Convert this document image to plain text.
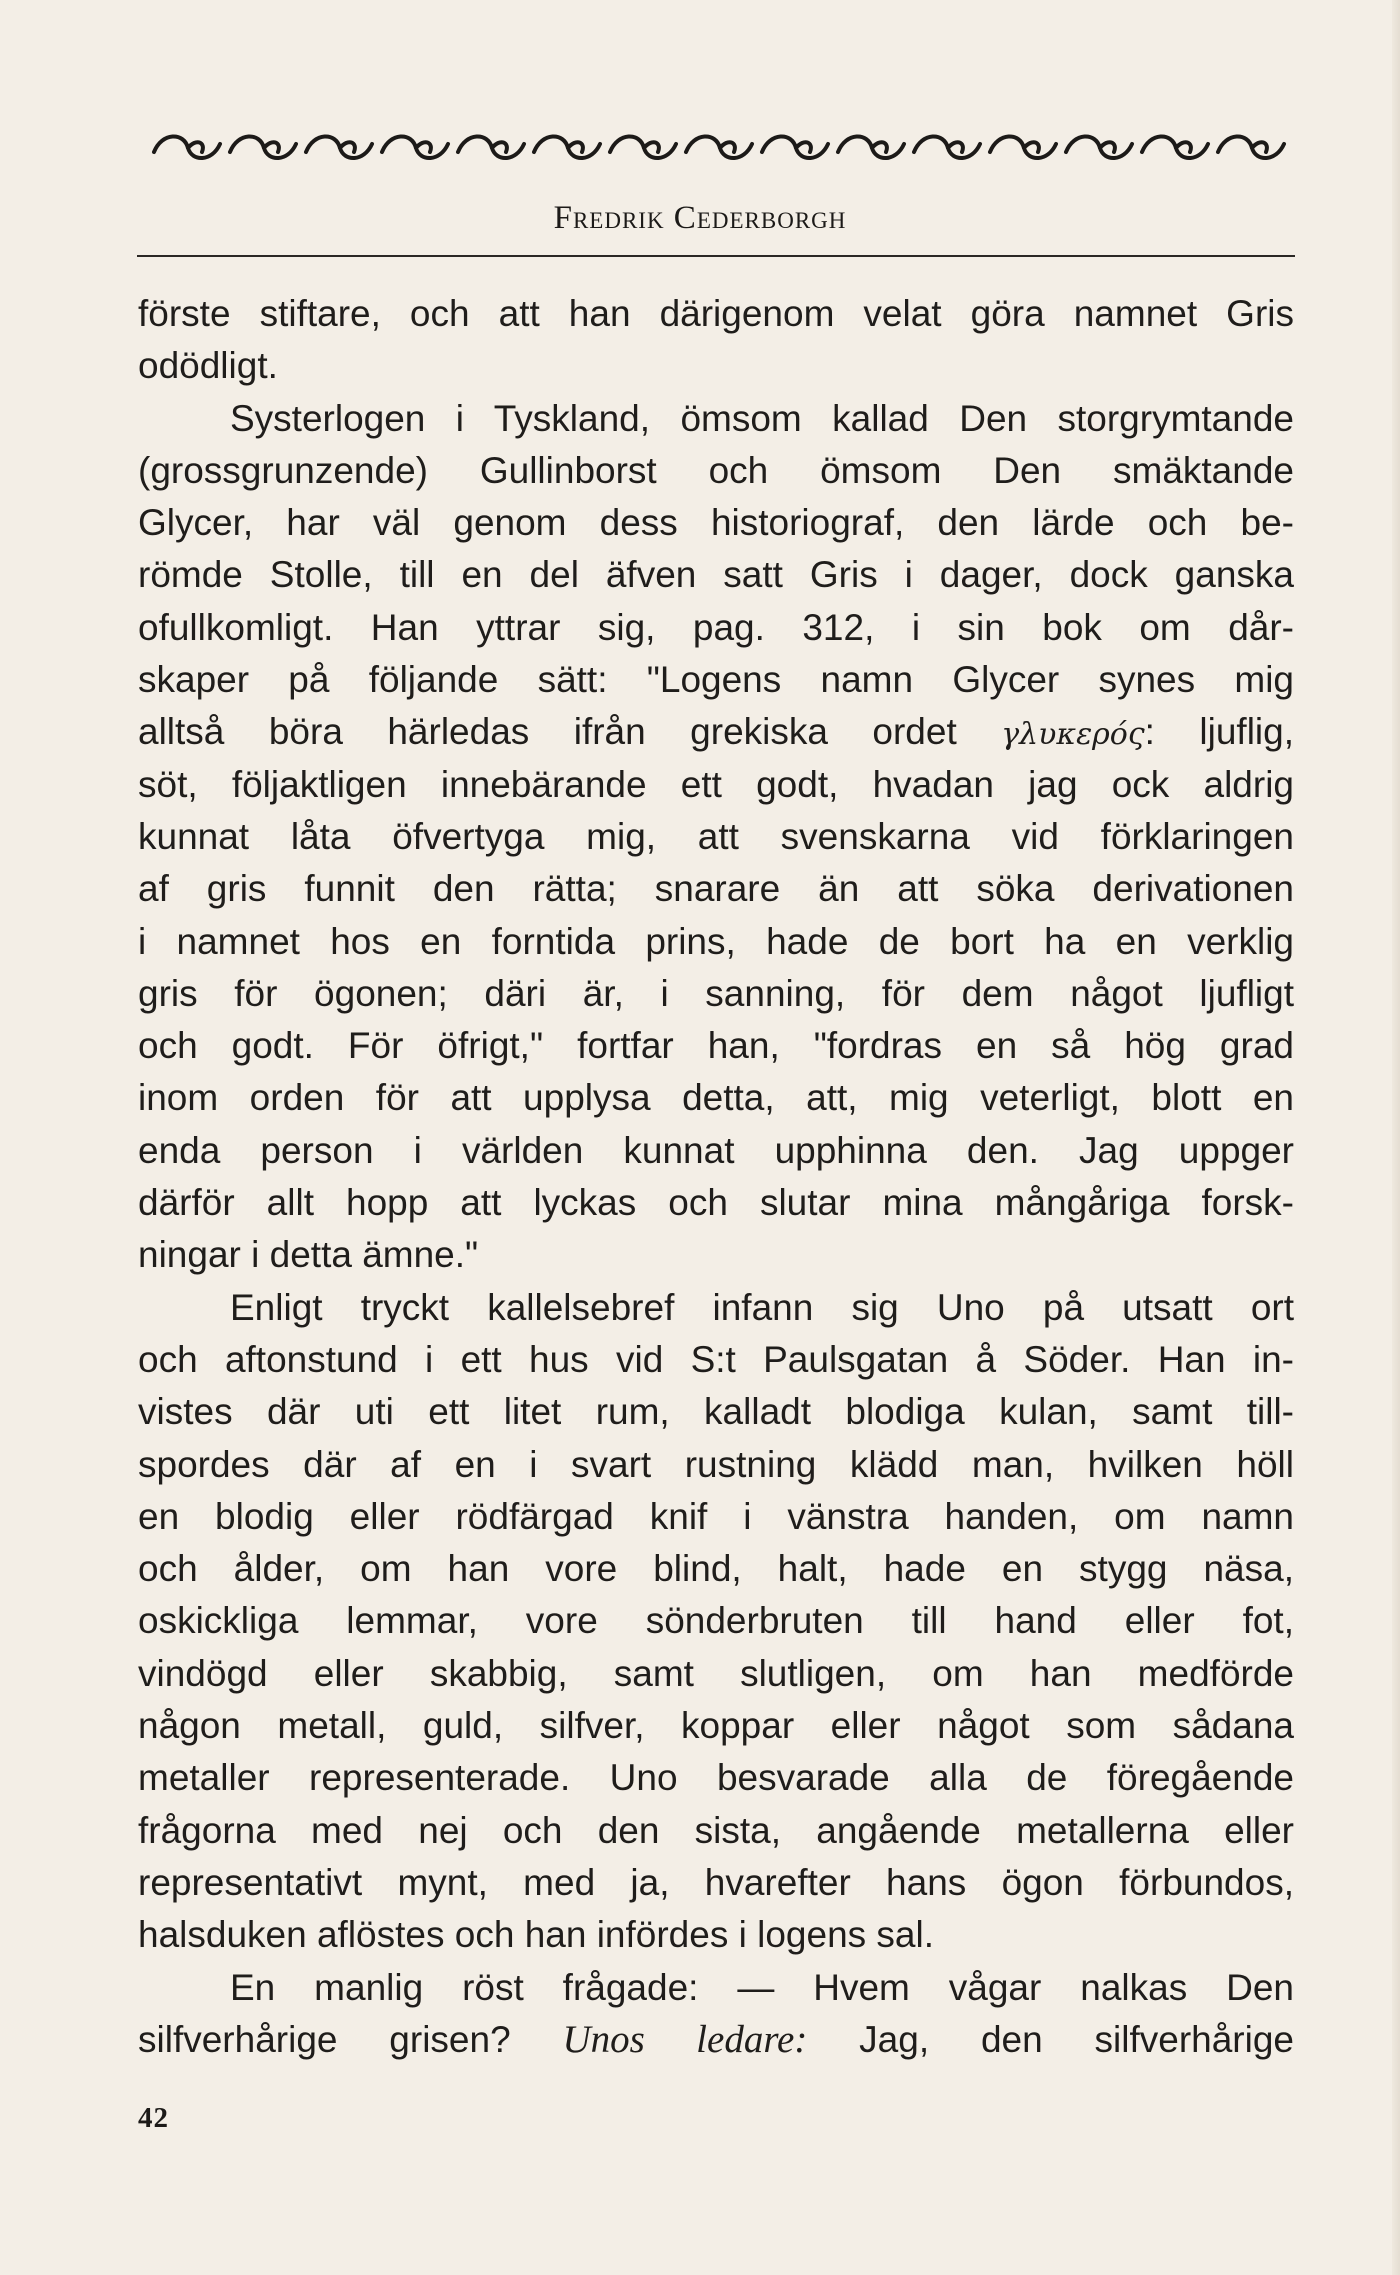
Fredrik Cederborgh
förste stiftare, och att han därigenom velat göra namnet Gris
odödligt.
Systerlogen i Tyskland, ömsom kallad Den storgrymtande
(grossgrunzende) Gullinborst och ömsom Den smäktande
Glycer, har väl genom dess historiograf, den lärde och be-
römde Stolle, till en del äfven satt Gris i dager, dock ganska
ofullkomligt. Han yttrar sig, pag. 312, i sin bok om dår-
skaper på följande sätt: "Logens namn Glycer synes mig
alltså böra härledas ifrån grekiska ordet γλυκερός: ljuflig,
söt, följaktligen innebärande ett godt, hvadan jag ock aldrig
kunnat låta öfvertyga mig, att svenskarna vid förklaringen
af gris funnit den rätta; snarare än att söka derivationen
i namnet hos en forntida prins, hade de bort ha en verklig
gris för ögonen; däri är, i sanning, för dem något ljufligt
och godt. För öfrigt," fortfar han, "fordras en så hög grad
inom orden för att upplysa detta, att, mig veterligt, blott en
enda person i världen kunnat upphinna den. Jag uppger
därför allt hopp att lyckas och slutar mina mångåriga forsk-
ningar i detta ämne."
Enligt tryckt kallelsebref infann sig Uno på utsatt ort
och aftonstund i ett hus vid S:t Paulsgatan å Söder. Han in-
vistes där uti ett litet rum, kalladt blodiga kulan, samt till-
spordes där af en i svart rustning klädd man, hvilken höll
en blodig eller rödfärgad knif i vänstra handen, om namn
och ålder, om han vore blind, halt, hade en stygg näsa,
oskickliga lemmar, vore sönderbruten till hand eller fot,
vindögd eller skabbig, samt slutligen, om han medförde
någon metall, guld, silfver, koppar eller något som sådana
metaller representerade. Uno besvarade alla de föregående
frågorna med nej och den sista, angående metallerna eller
representativt mynt, med ja, hvarefter hans ögon förbundos,
halsduken aflöstes och han infördes i logens sal.
En manlig röst frågade: — Hvem vågar nalkas Den
silfverhårige grisen? Unos ledare: Jag, den silfverhårige
42
